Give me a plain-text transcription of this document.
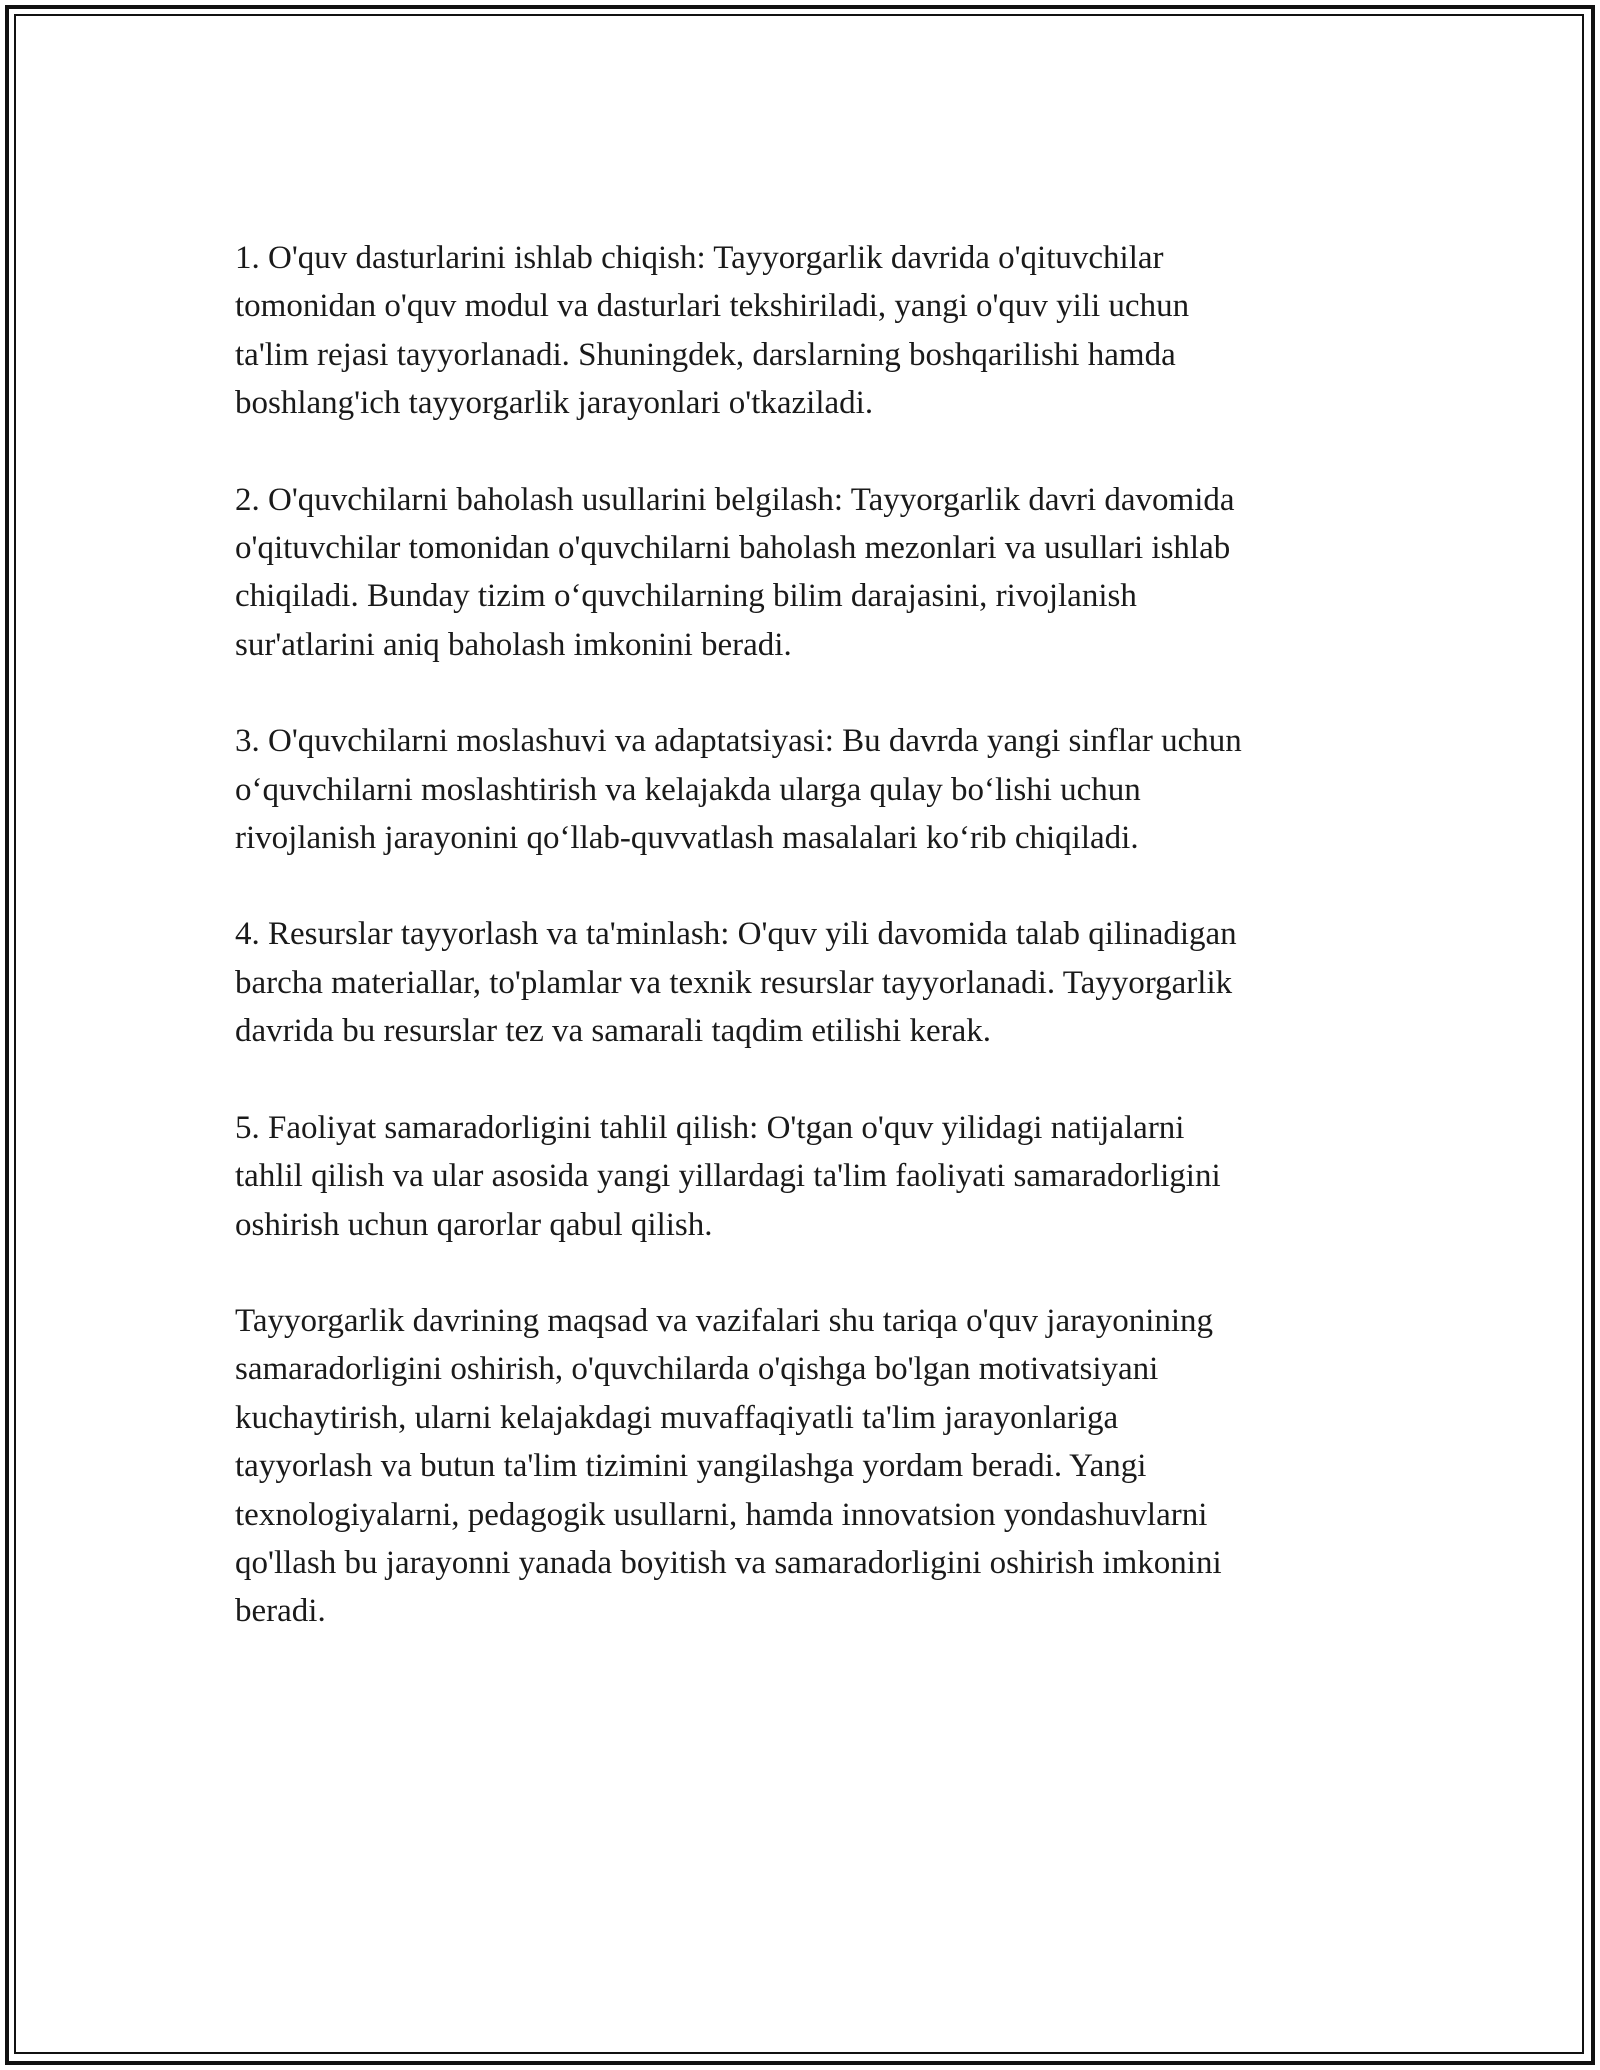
1. O'quv dasturlarini ishlab chiqish: Tayyorgarlik davrida o'qituvchilar
tomonidan o'quv modul va dasturlari tekshiriladi, yangi o'quv yili uchun
ta'lim rejasi tayyorlanadi. Shuningdek, darslarning boshqarilishi hamda
boshlang'ich tayyorgarlik jarayonlari o'tkaziladi.

2. O'quvchilarni baholash usullarini belgilash: Tayyorgarlik davri davomida
o'qituvchilar tomonidan o'quvchilarni baholash mezonlari va usullari ishlab
chiqiladi. Bunday tizim o‘quvchilarning bilim darajasini, rivojlanish
sur'atlarini aniq baholash imkonini beradi.

3. O'quvchilarni moslashuvi va adaptatsiyasi: Bu davrda yangi sinflar uchun
o‘quvchilarni moslashtirish va kelajakda ularga qulay bo‘lishi uchun
rivojlanish jarayonini qo‘llab-quvvatlash masalalari ko‘rib chiqiladi.

4. Resurslar tayyorlash va ta'minlash: O'quv yili davomida talab qilinadigan
barcha materiallar, to'plamlar va texnik resurslar tayyorlanadi. Tayyorgarlik
davrida bu resurslar tez va samarali taqdim etilishi kerak.

5. Faoliyat samaradorligini tahlil qilish: O'tgan o'quv yilidagi natijalarni
tahlil qilish va ular asosida yangi yillardagi ta'lim faoliyati samaradorligini
oshirish uchun qarorlar qabul qilish.

Tayyorgarlik davrining maqsad va vazifalari shu tariqa o'quv jarayonining
samaradorligini oshirish, o'quvchilarda o'qishga bo'lgan motivatsiyani
kuchaytirish, ularni kelajakdagi muvaffaqiyatli ta'lim jarayonlariga
tayyorlash va butun ta'lim tizimini yangilashga yordam beradi. Yangi
texnologiyalarni, pedagogik usullarni, hamda innovatsion yondashuvlarni
qo'llash bu jarayonni yanada boyitish va samaradorligini oshirish imkonini
beradi.
